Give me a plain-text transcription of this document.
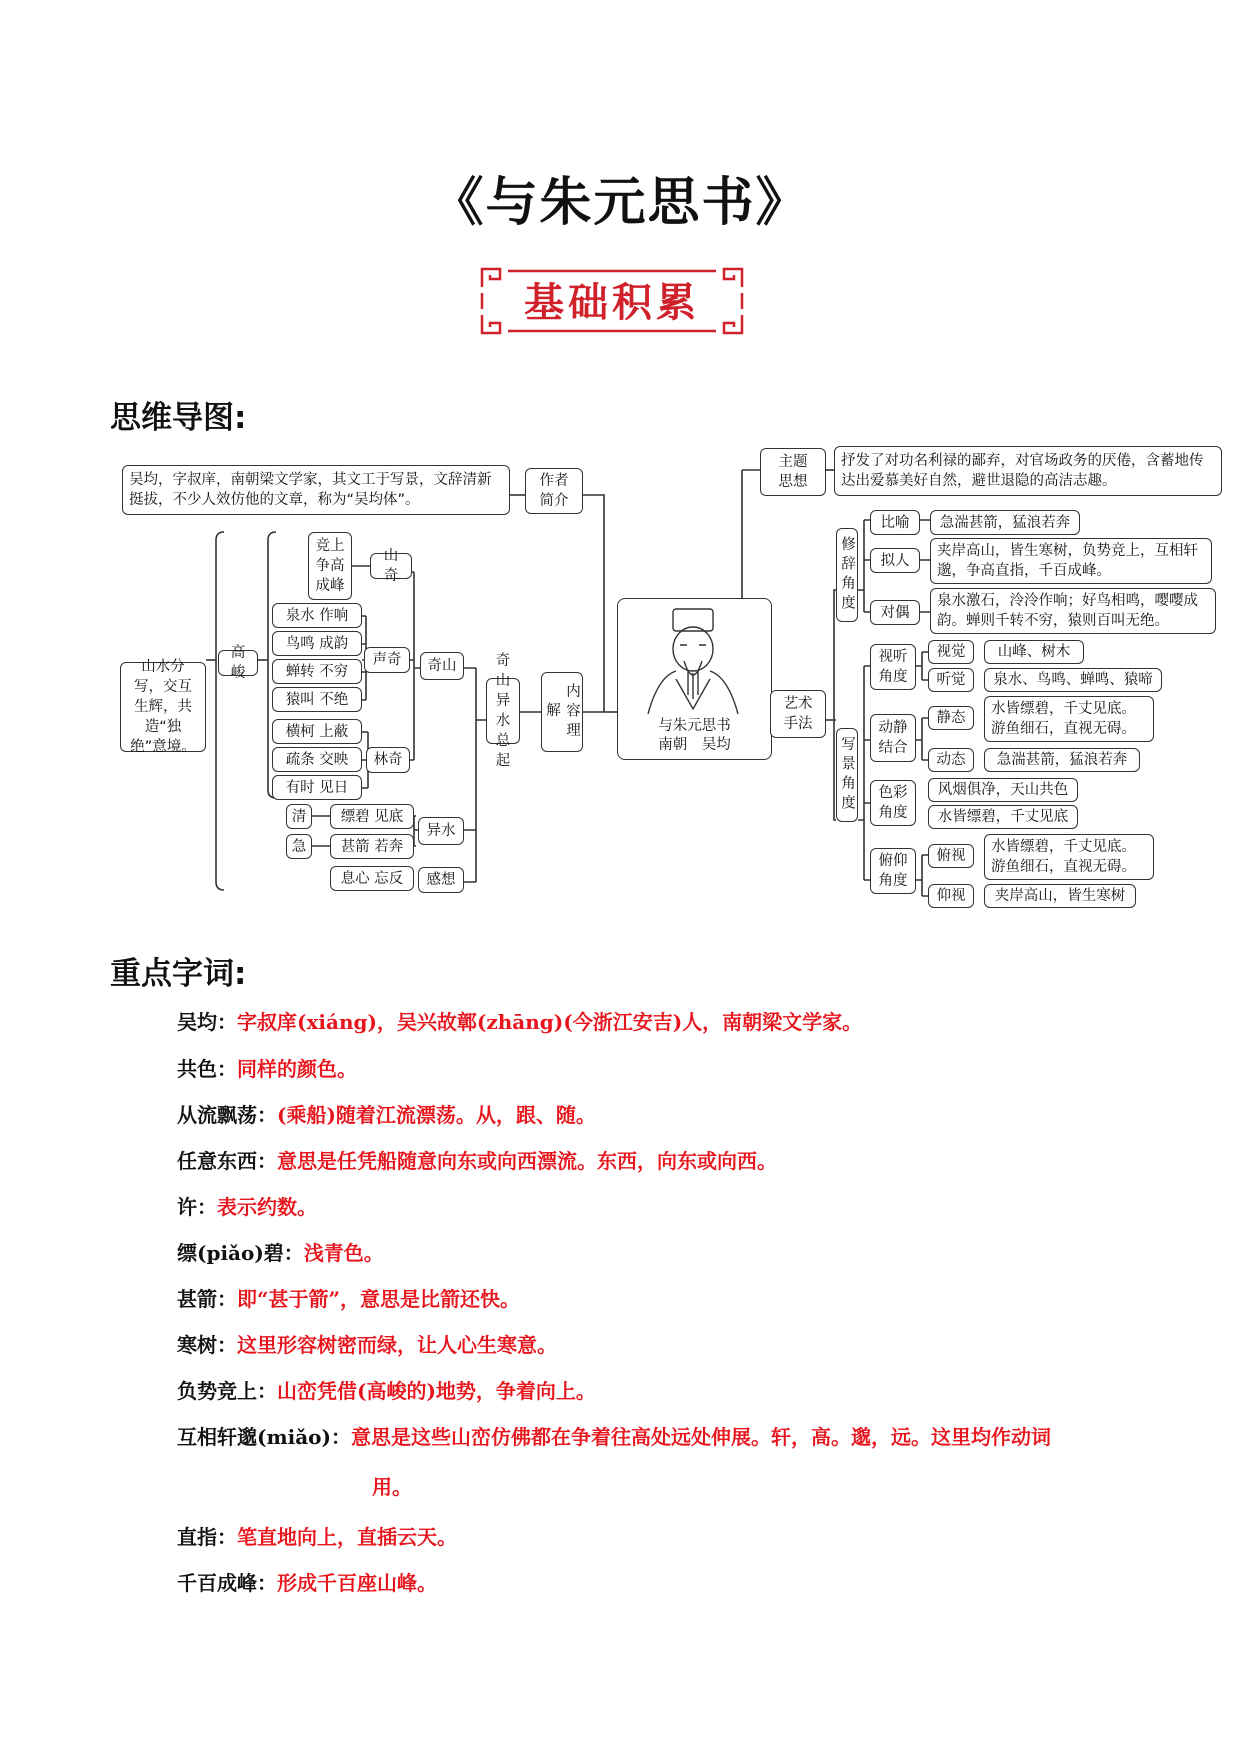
《与朱元思书》
基础积累
思维导图:
重点字词:
吴均，字叔庠，南朝梁文学家，其文工于写景，文辞清新挺拔，不少人效仿他的文章，称为“吴均体”。
作者简介
内容理解
奇山异水总起
山水分写，交互生辉，共造“独绝”意境。
高峻	奇山
山奇
声奇
林奇
异水
感想
竞上争高成峰
泉水 作响
鸟鸣 成韵
蝉转 不穷
猿叫 不绝
横柯 上蔽
疏条 交映
有时 见日
清
急
缥碧 见底
甚箭 若奔
息心 忘反
与朱元思书
南朝　吴均
艺术手法
主题思想
抒发了对功名利禄的鄙弃，对官场政务的厌倦，含蓄地传达出爱慕美好自然，避世退隐的高洁志趣。
修辞角度
比喻	急湍甚箭，猛浪若奔
拟人
夹岸高山，皆生寒树，负势竞上，互相轩邈，争高直指，千百成峰。
对偶
泉水激石，泠泠作响；好鸟相鸣，嘤嘤成韵。蝉则千转不穷，猿则百叫无绝。
写景角度
视听角度
视觉	山峰、树木
听觉	泉水、鸟鸣、蝉鸣、猿啼
动静结合
静态
水皆缥碧，千丈见底。游鱼细石，直视无碍。
动态	急湍甚箭，猛浪若奔
色彩角度
风烟俱净，天山共色
水皆缥碧，千丈见底
俯仰角度
俯视
水皆缥碧，千丈见底。游鱼细石，直视无碍。
仰视	夹岸高山，皆生寒树
吴均：字叔庠(xiáng)，吴兴故鄣(zhāng)(今浙江安吉)人，南朝梁文学家。
共色：同样的颜色。
从流飘荡：(乘船)随着江流漂荡。从，跟、随。
任意东西：意思是任凭船随意向东或向西漂流。东西，向东或向西。
许：表示约数。
缥(piǎo)碧：浅青色。
甚箭：即“甚于箭”，意思是比箭还快。
寒树：这里形容树密而绿，让人心生寒意。
负势竞上：山峦凭借(高峻的)地势，争着向上。
互相轩邈(miǎo)：意思是这些山峦仿佛都在争着往高处远处伸展。轩，高。邈，远。这里均作动词
用。
直指：笔直地向上，直插云天。
千百成峰：形成千百座山峰。
